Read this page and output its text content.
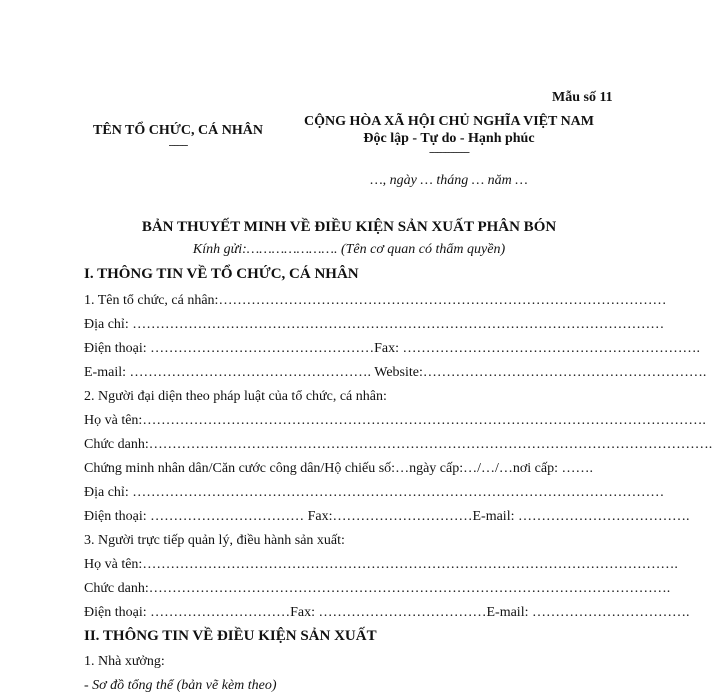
Mẫu số 11
TÊN TỔ CHỨC, CÁ NHÂN
-------
CỘNG HÒA XÃ HỘI CHỦ NGHĨA VIỆT NAM
Độc lập - Tự do - Hạnh phúc
---------------
…, ngày … tháng … năm …
BẢN THUYẾT MINH VỀ ĐIỀU KIỆN SẢN XUẤT PHÂN BÓN
Kính gửi:…………………. (Tên cơ quan có thẩm quyền)
I. THÔNG TIN VỀ TỔ CHỨC, CÁ NHÂN
1. Tên tổ chức, cá nhân:……………………………………………………………………………………
Địa chỉ: ……………………………………………………………………………………………………
Điện thoại: …………………………………………Fax: ……………………………………………………….
E-mail: ……………………………………………. Website:…………………………………………………….
2. Người đại diện theo pháp luật của tổ chức, cá nhân:
Họ và tên:………………………………………………………………………………………………………….
Chức danh:………………………………………………………………………………………………………….
Chứng minh nhân dân/Căn cước công dân/Hộ chiếu số:…ngày cấp:…/…/…nơi cấp: …….
Địa chỉ: ……………………………………………………………………………………………………
Điện thoại: …………………………… Fax:…………………………E-mail: ……………………………….
3. Người trực tiếp quản lý, điều hành sản xuất:
Họ và tên:…………………………………………………………………………………………………….
Chức danh:………………………………………………………………………………………………….
Điện thoại: …………………………Fax: ………………………………E-mail: …………………………….
II. THÔNG TIN VỀ ĐIỀU KIỆN SẢN XUẤT
1. Nhà xưởng:
- Sơ đồ tổng thể (bản vẽ kèm theo)
